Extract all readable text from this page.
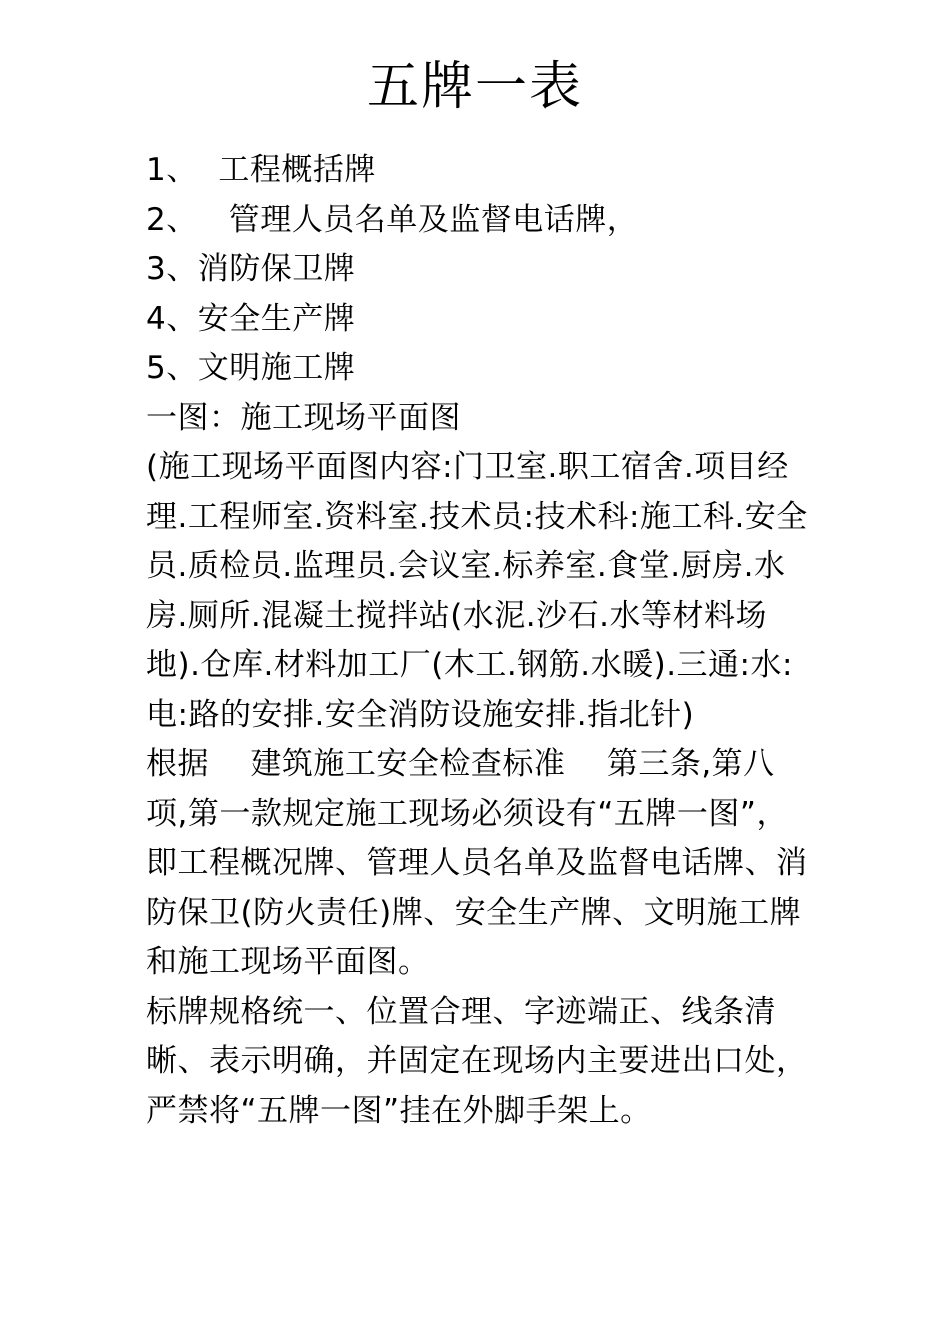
五牌一表

1、  工程概括牌

2、   管理人员名单及监督电话牌，

3、消防保卫牌

4、安全生产牌

5、文明施工牌

一图：施工现场平面图

(施工现场平面图内容:门卫室.职工宿舍.项目经理.工程师室.资料室.技术员:技术科:施工科.安全员.质检员.监理员.会议室.标养室.食堂.厨房.水房.厕所.混凝土搅拌站(水泥.沙石.水等材料场地).仓库.材料加工厂(木工.钢筋.水暖).三通:水:电:路的安排.安全消防设施安排.指北针)

根据    建筑施工安全检查标准    第三条,第八项,第一款规定施工现场必须设有“五牌一图”，即工程概况牌、管理人员名单及监督电话牌、消防保卫(防火责任)牌、安全生产牌、文明施工牌和施工现场平面图。

标牌规格统一、位置合理、字迹端正、线条清晰、表示明确，并固定在现场内主要进出口处，严禁将“五牌一图”挂在外脚手架上。
